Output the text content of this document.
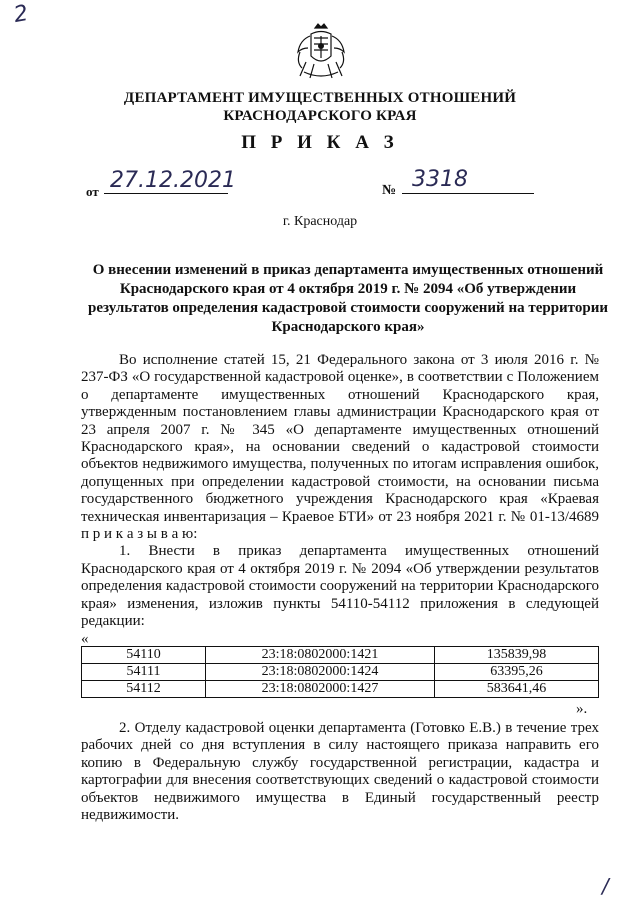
2
ДЕПАРТАМЕНТ ИМУЩЕСТВЕННЫХ ОТНОШЕНИЙ
КРАСНОДАРСКОГО КРАЯ
П Р И К А З
от 27.12.2021	№ 3318
г. Краснодар
О внесении изменений в приказ департамента имущественных отношений Краснодарского края от 4 октября 2019 г. № 2094 «Об утверждении результатов определения кадастровой стоимости сооружений на территории Краснодарского края»

Во исполнение статей 15, 21 Федерального закона от 3 июля 2016 г. № 237-ФЗ «О государственной кадастровой оценке», в соответствии с Положением о департаменте имущественных отношений Краснодарского края, утвержденным постановлением главы администрации Краснодарского края от 23 апреля 2007 г. № 345 «О департаменте имущественных отношений Краснодарского края», на основании сведений о кадастровой стоимости объектов недвижимого имущества, полученных по итогам исправления ошибок, допущенных при определении кадастровой стоимости, на основании письма государственного бюджетного учреждения Краснодарского края «Краевая техническая инвентаризация – Краевое БТИ» от 23 ноября 2021 г. № 01-13/4689 п р и к а з ы в а ю:

1. Внести в приказ департамента имущественных отношений Краснодарского края от 4 октября 2019 г. № 2094 «Об утверждении результатов определения кадастровой стоимости сооружений на территории Краснодарского края» изменения, изложив пункты 54110-54112 приложения в следующей редакции:

«

54110	23:18:0802000:1421	135839,98
54111	23:18:0802000:1424	63395,26
54112	23:18:0802000:1427	583641,46
».

2. Отделу кадастровой оценки департамента (Готовко Е.В.) в течение трех рабочих дней со дня вступления в силу настоящего приказа направить его копию в Федеральную службу государственной регистрации, кадастра и картографии для внесения соответствующих сведений о кадастровой стоимости объектов недвижимого имущества в Единый государственный реестр недвижимости.

/
